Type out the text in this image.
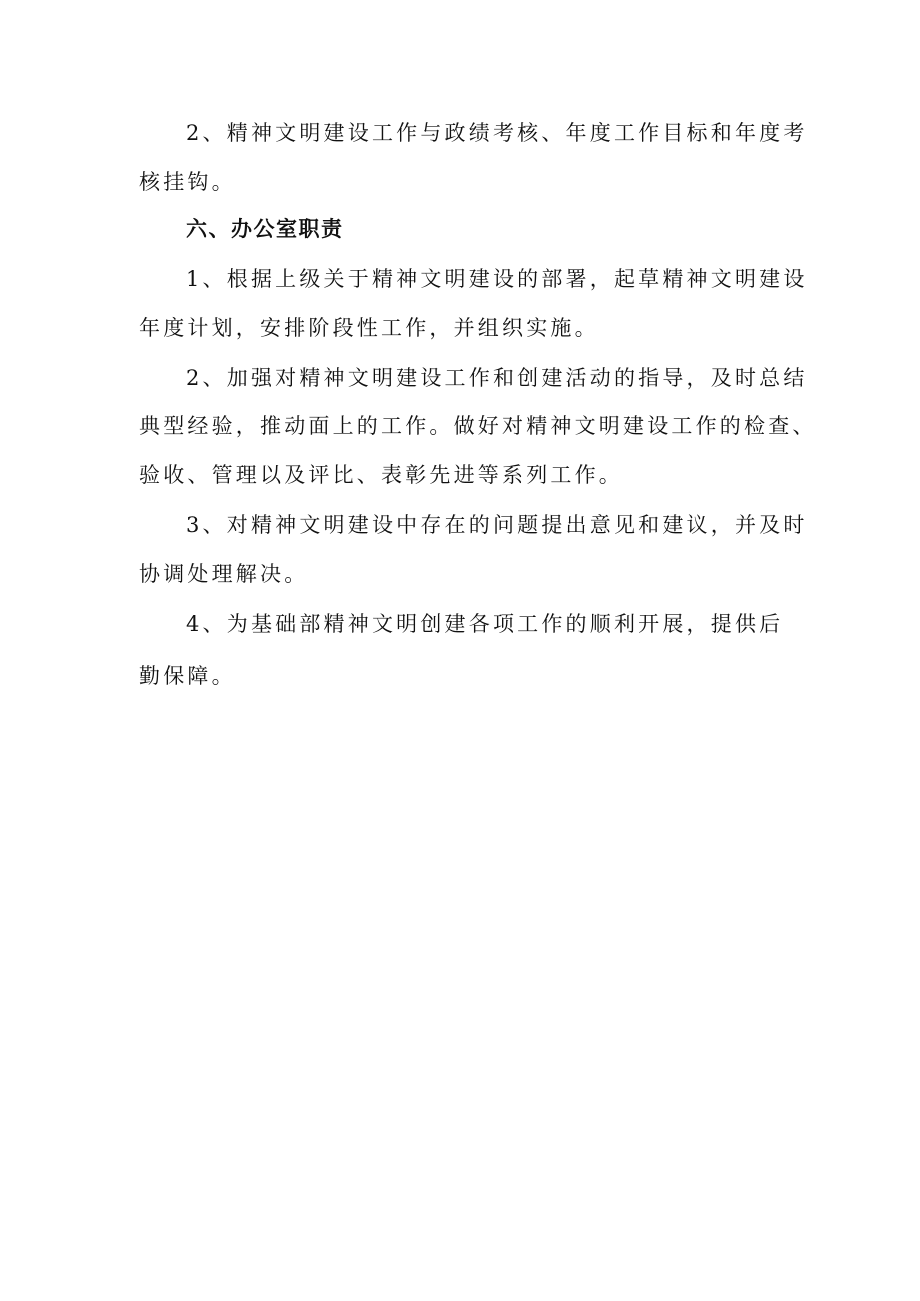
2、精神文明建设工作与政绩考核、年度工作目标和年度考
核挂钩。
六、办公室职责
1、根据上级关于精神文明建设的部署，起草精神文明建设
年度计划，安排阶段性工作，并组织实施。
2、加强对精神文明建设工作和创建活动的指导，及时总结
典型经验，推动面上的工作。做好对精神文明建设工作的检查、
验收、管理以及评比、表彰先进等系列工作。
3、对精神文明建设中存在的问题提出意见和建议，并及时
协调处理解决。
4、为基础部精神文明创建各项工作的顺利开展，提供后
勤保障。
